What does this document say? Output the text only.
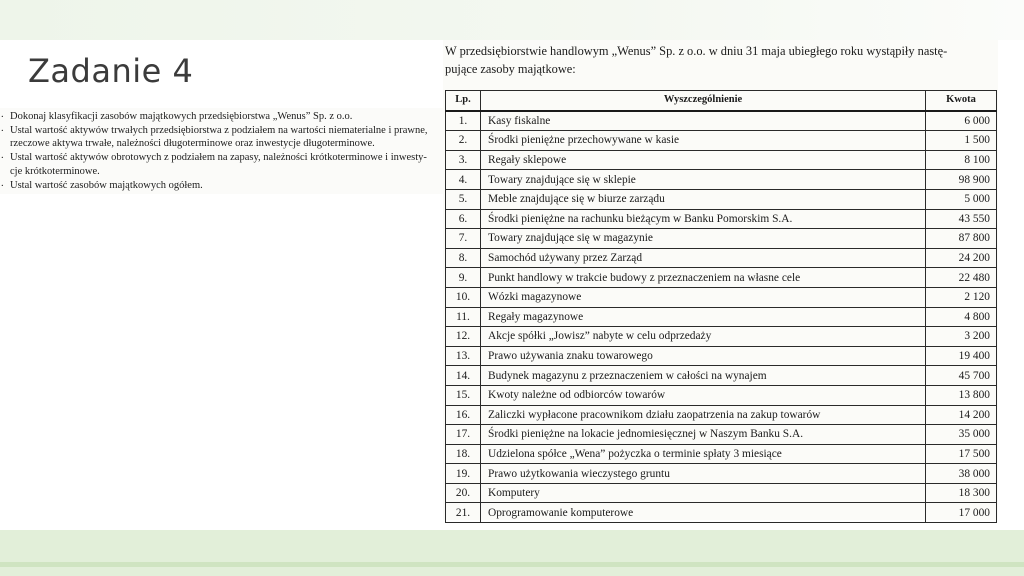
Zadanie 4
. Dokonaj klasyfikacji zasobów majątkowych przedsiębiorstwa „Wenus” Sp. z o.o.
. Ustal wartość aktywów trwałych przedsiębiorstwa z podziałem na wartości niematerialne i prawne,
rzeczowe aktywa trwałe, należności długoterminowe oraz inwestycje długoterminowe.
. Ustal wartość aktywów obrotowych z podziałem na zapasy, należności krótkoterminowe i inwesty-
cje krótkoterminowe.
. Ustal wartość zasobów majątkowych ogółem.
W przedsiębiorstwie handlowym „Wenus” Sp. z o.o. w dniu 31 maja ubiegłego roku wystąpiły nastę-
pujące zasoby majątkowe:
Lp.	Wyszczególnienie	Kwota
1.	Kasy fiskalne	6 000
2.	Środki pieniężne przechowywane w kasie	1 500
3.	Regały sklepowe	8 100
4.	Towary znajdujące się w sklepie	98 900
5.	Meble znajdujące się w biurze zarządu	5 000
6.	Środki pieniężne na rachunku bieżącym w Banku Pomorskim S.A.	43 550
7.	Towary znajdujące się w magazynie	87 800
8.	Samochód używany przez Zarząd	24 200
9.	Punkt handlowy w trakcie budowy z przeznaczeniem na własne cele	22 480
10.	Wózki magazynowe	2 120
11.	Regały magazynowe	4 800
12.	Akcje spółki „Jowisz” nabyte w celu odprzedaży	3 200
13.	Prawo używania znaku towarowego	19 400
14.	Budynek magazynu z przeznaczeniem w całości na wynajem	45 700
15.	Kwoty należne od odbiorców towarów	13 800
16.	Zaliczki wypłacone pracownikom działu zaopatrzenia na zakup towarów	14 200
17.	Środki pieniężne na lokacie jednomiesięcznej w Naszym Banku S.A.	35 000
18.	Udzielona spółce „Wena” pożyczka o terminie spłaty 3 miesiące	17 500
19.	Prawo użytkowania wieczystego gruntu	38 000
20.	Komputery	18 300
21.	Oprogramowanie komputerowe	17 000
